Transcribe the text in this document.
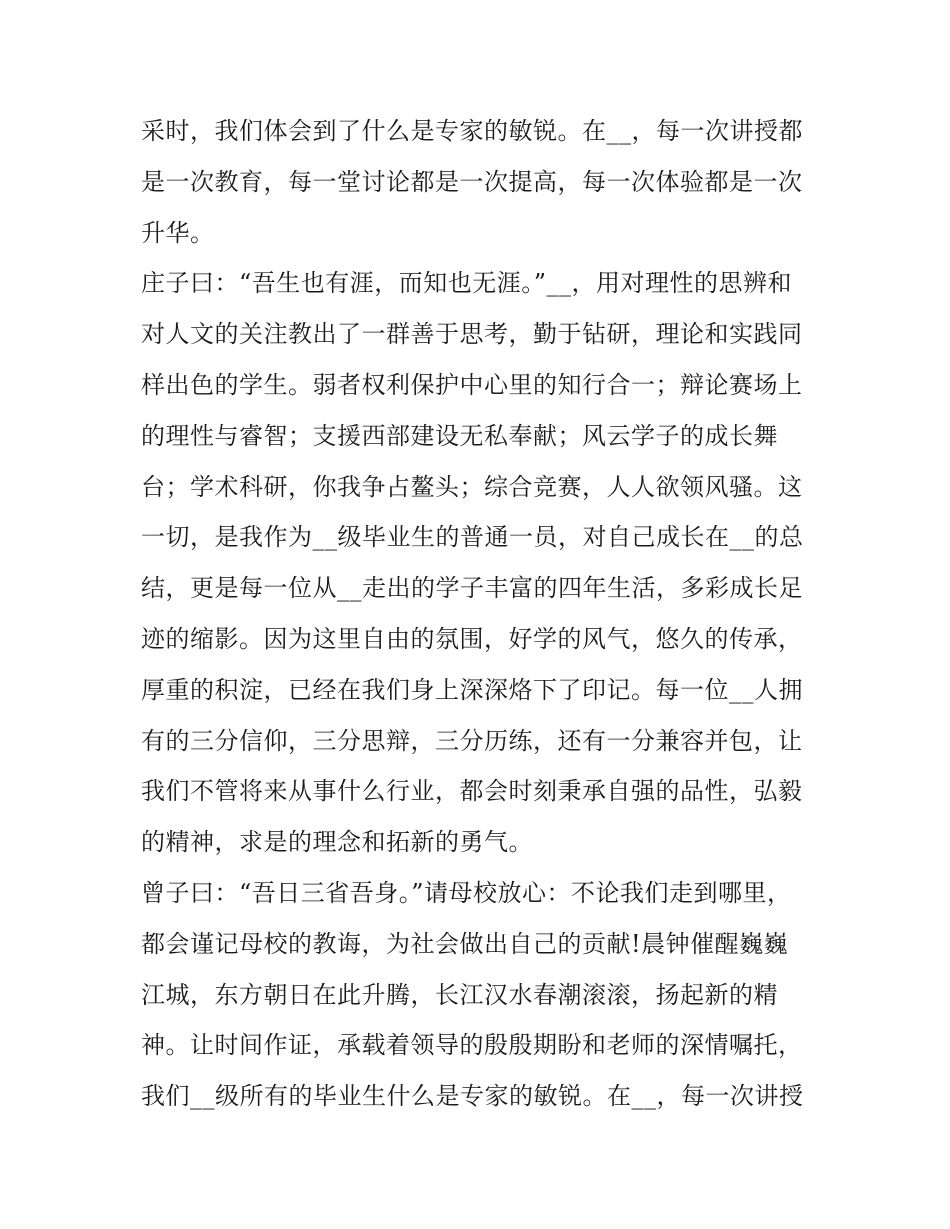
采时，我们体会到了什么是专家的敏锐。在__，每一次讲授都
是一次教育，每一堂讨论都是一次提高，每一次体验都是一次
升华。
庄子曰：“吾生也有涯，而知也无涯。”__，用对理性的思辨和
对人文的关注教出了一群善于思考，勤于钻研，理论和实践同
样出色的学生。弱者权利保护中心里的知行合一；辩论赛场上
的理性与睿智；支援西部建设无私奉献；风云学子的成长舞
台；学术科研，你我争占鳌头；综合竞赛，人人欲领风骚。这
一切，是我作为__级毕业生的普通一员，对自己成长在__的总
结，更是每一位从__走出的学子丰富的四年生活，多彩成长足
迹的缩影。因为这里自由的氛围，好学的风气，悠久的传承，
厚重的积淀，已经在我们身上深深烙下了印记。每一位__人拥
有的三分信仰，三分思辩，三分历练，还有一分兼容并包，让
我们不管将来从事什么行业，都会时刻秉承自强的品性，弘毅
的精神，求是的理念和拓新的勇气。
曾子曰：“吾日三省吾身。”请母校放心：不论我们走到哪里，
都会谨记母校的教诲，为社会做出自己的贡献!晨钟催醒巍巍
江城，东方朝日在此升腾，长江汉水春潮滚滚，扬起新的精
神。让时间作证，承载着领导的殷殷期盼和老师的深情嘱托，
我们__级所有的毕业生什么是专家的敏锐。在__，每一次讲授
